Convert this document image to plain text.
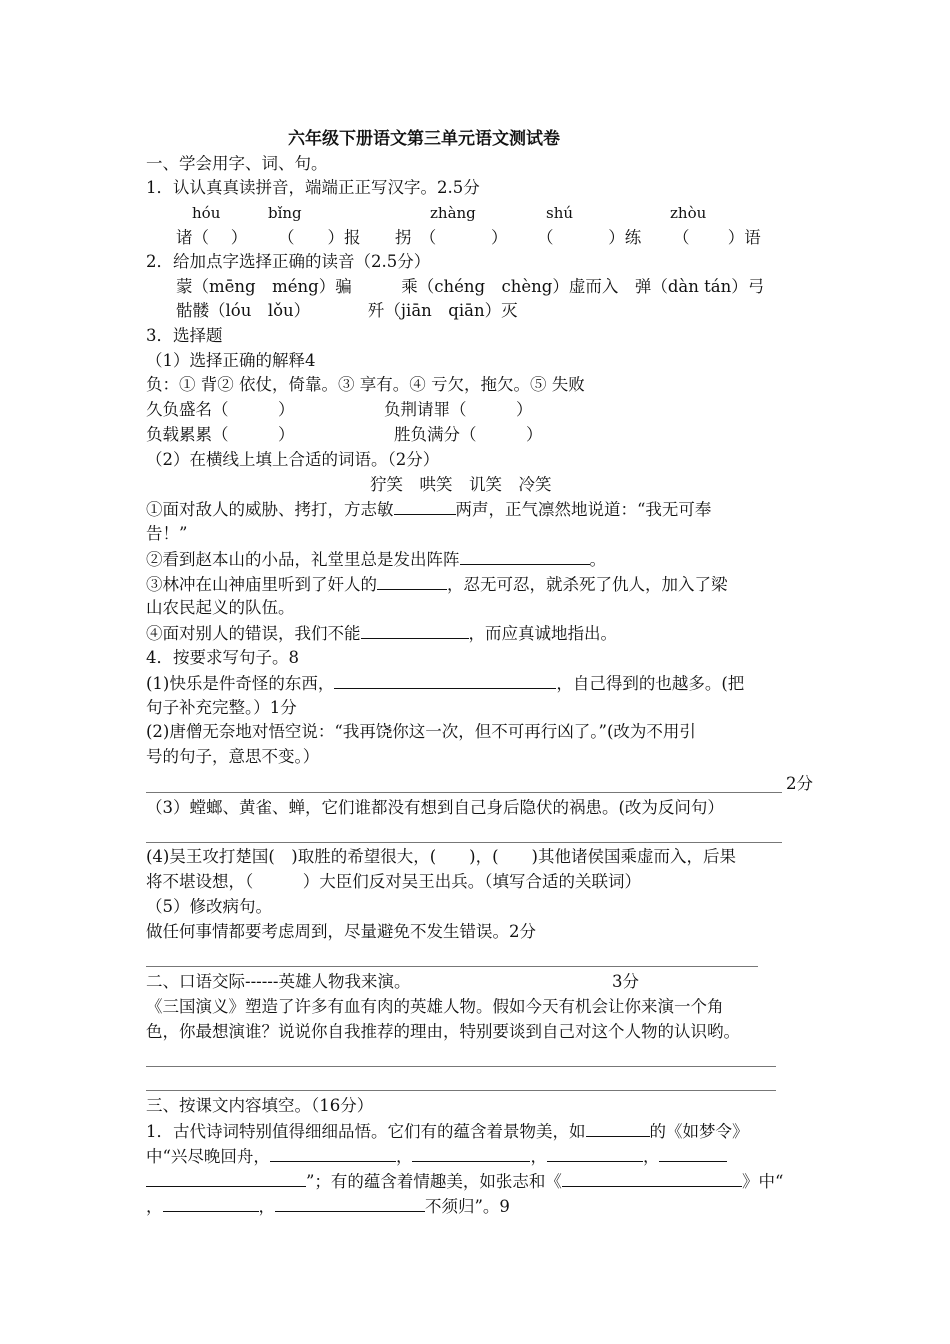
六年级下册语文第三单元语文测试卷
一、学会用字、词、句。
1．认认真真读拼音，端端正正写汉字。2.5分
hóu	bǐng	zhàng	shú	zhòu
诸（　 ） （　　）报 拐　（　　　 ） （　　　 ）练 （　　 ）语
2．给加点字选择正确的读音（2.5分）
蒙（mēng　méng）骗　　　乘（chéng　chèng）虚而入　弹（dàn tán）弓
骷髅（lóu　lǒu）　　　　歼（jiān　qiān）灭
3．选择题
（1）选择正确的解释4
负：① 背② 依仗，倚靠。③ 享有。④ 亏欠，拖欠。⑤ 失败
久负盛名（　　　）	负荆请罪（　　　）
负载累累（　　　）	胜负满分（　　　）
（2）在横线上填上合适的词语。（2分）
狞笑　哄笑　讥笑　冷笑
①面对敌人的威胁、拷打，方志敏	两声，正气凛然地说道：“我无可奉
告！”
②看到赵本山的小品，礼堂里总是发出阵阵	。
③林冲在山神庙里听到了奸人的	，忍无可忍，就杀死了仇人，加入了梁
山农民起义的队伍。
④面对别人的错误，我们不能	，而应真诚地指出。
4．按要求写句子。8
(1)快乐是件奇怪的东西，	，自己得到的也越多。(把
句子补充完整。）1分
(2)唐僧无奈地对悟空说：“我再饶你这一次，但不可再行凶了。”(改为不用引
号的句子，意思不变。）
2分
（3）螳螂、黄雀、蝉，它们谁都没有想到自己身后隐伏的祸患。(改为反问句）
(4)吴王攻打楚国(　)取胜的希望很大，(　　)，(　　)其他诸侯国乘虚而入，后果
将不堪设想，（　　　）大臣们反对吴王出兵。（填写合适的关联词）
（5）修改病句。
做任何事情都要考虑周到，尽量避免不发生错误。2分
二、口语交际------英雄人物我来演。	3分
《三国演义》塑造了许多有血有肉的英雄人物。假如今天有机会让你来演一个角
色，你最想演谁？说说你自我推荐的理由，特别要谈到自己对这个人物的认识哟。
三、按课文内容填空。（16分）
1．古代诗词特别值得细细品悟。它们有的蕴含着景物美，如	的《如梦令》
中“兴尽晚回舟，	，	，	，
”；有的蕴含着情趣美，如张志和《	》中“
，	，	不须归”。9
